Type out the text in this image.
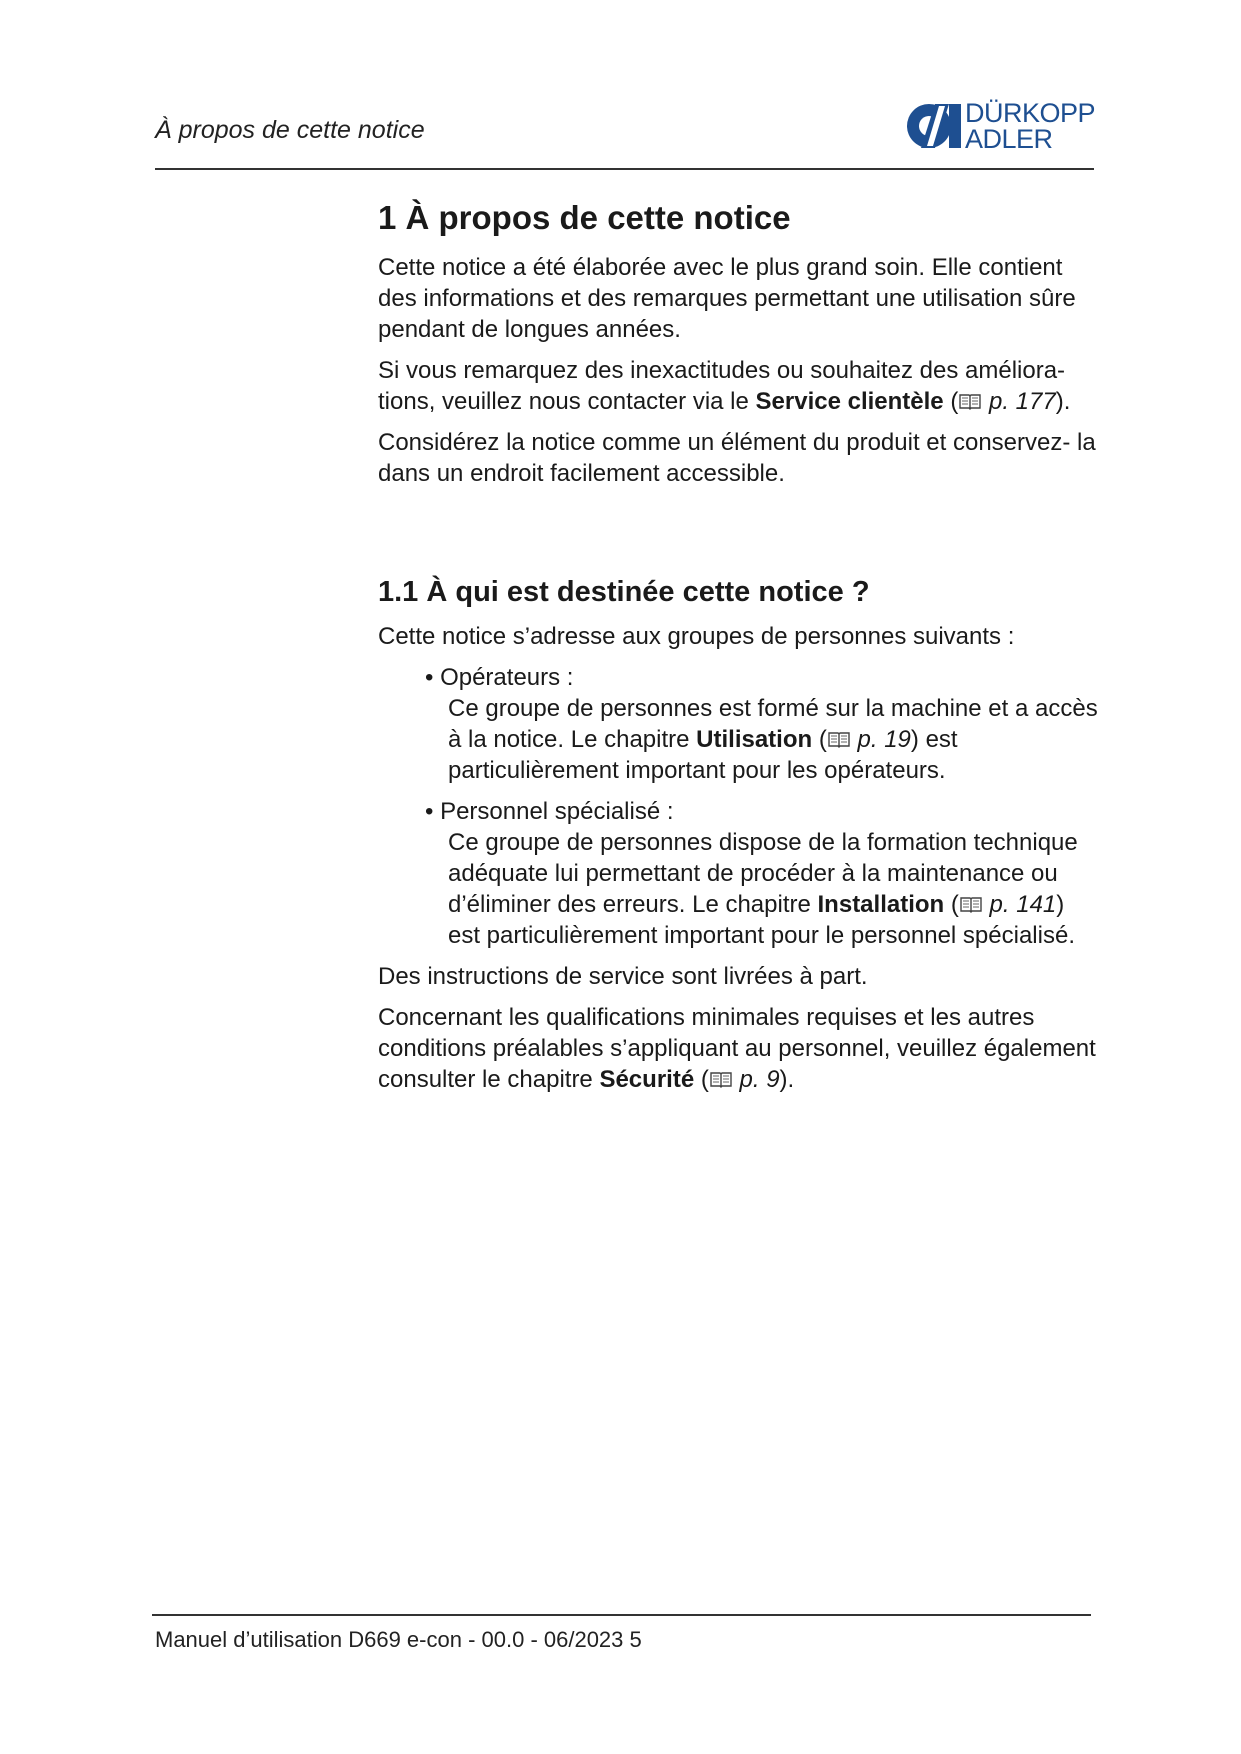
À propos de cette notice
DÜRKOPP
ADLER
1 À propos de cette notice

Cette notice a été élaborée avec le plus grand soin. Elle contient des informations et des remarques permettant une utilisation sûre pendant de longues années.

Si vous remarquez des inexactitudes ou souhaitez des améliora- tions, veuillez nous contacter via le Service clientèle ( p. 177).

Considérez la notice comme un élément du produit et conservez- la dans un endroit facilement accessible.

1.1 À qui est destinée cette notice ?

Cette notice s’adresse aux groupes de personnes suivants :

• Opérateurs :
Ce groupe de personnes est formé sur la machine et a accès à la notice. Le chapitre Utilisation ( p. 19) est particulièrement important pour les opérateurs.
• Personnel spécialisé :
Ce groupe de personnes dispose de la formation technique adéquate lui permettant de procéder à la maintenance ou d’éliminer des erreurs. Le chapitre Installation ( p. 141) est particulièrement important pour le personnel spécialisé.

Des instructions de service sont livrées à part.

Concernant les qualifications minimales requises et les autres conditions préalables s’appliquant au personnel, veuillez également consulter le chapitre Sécurité ( p. 9).

Manuel d’utilisation D669 e-con - 00.0 - 06/2023 5
